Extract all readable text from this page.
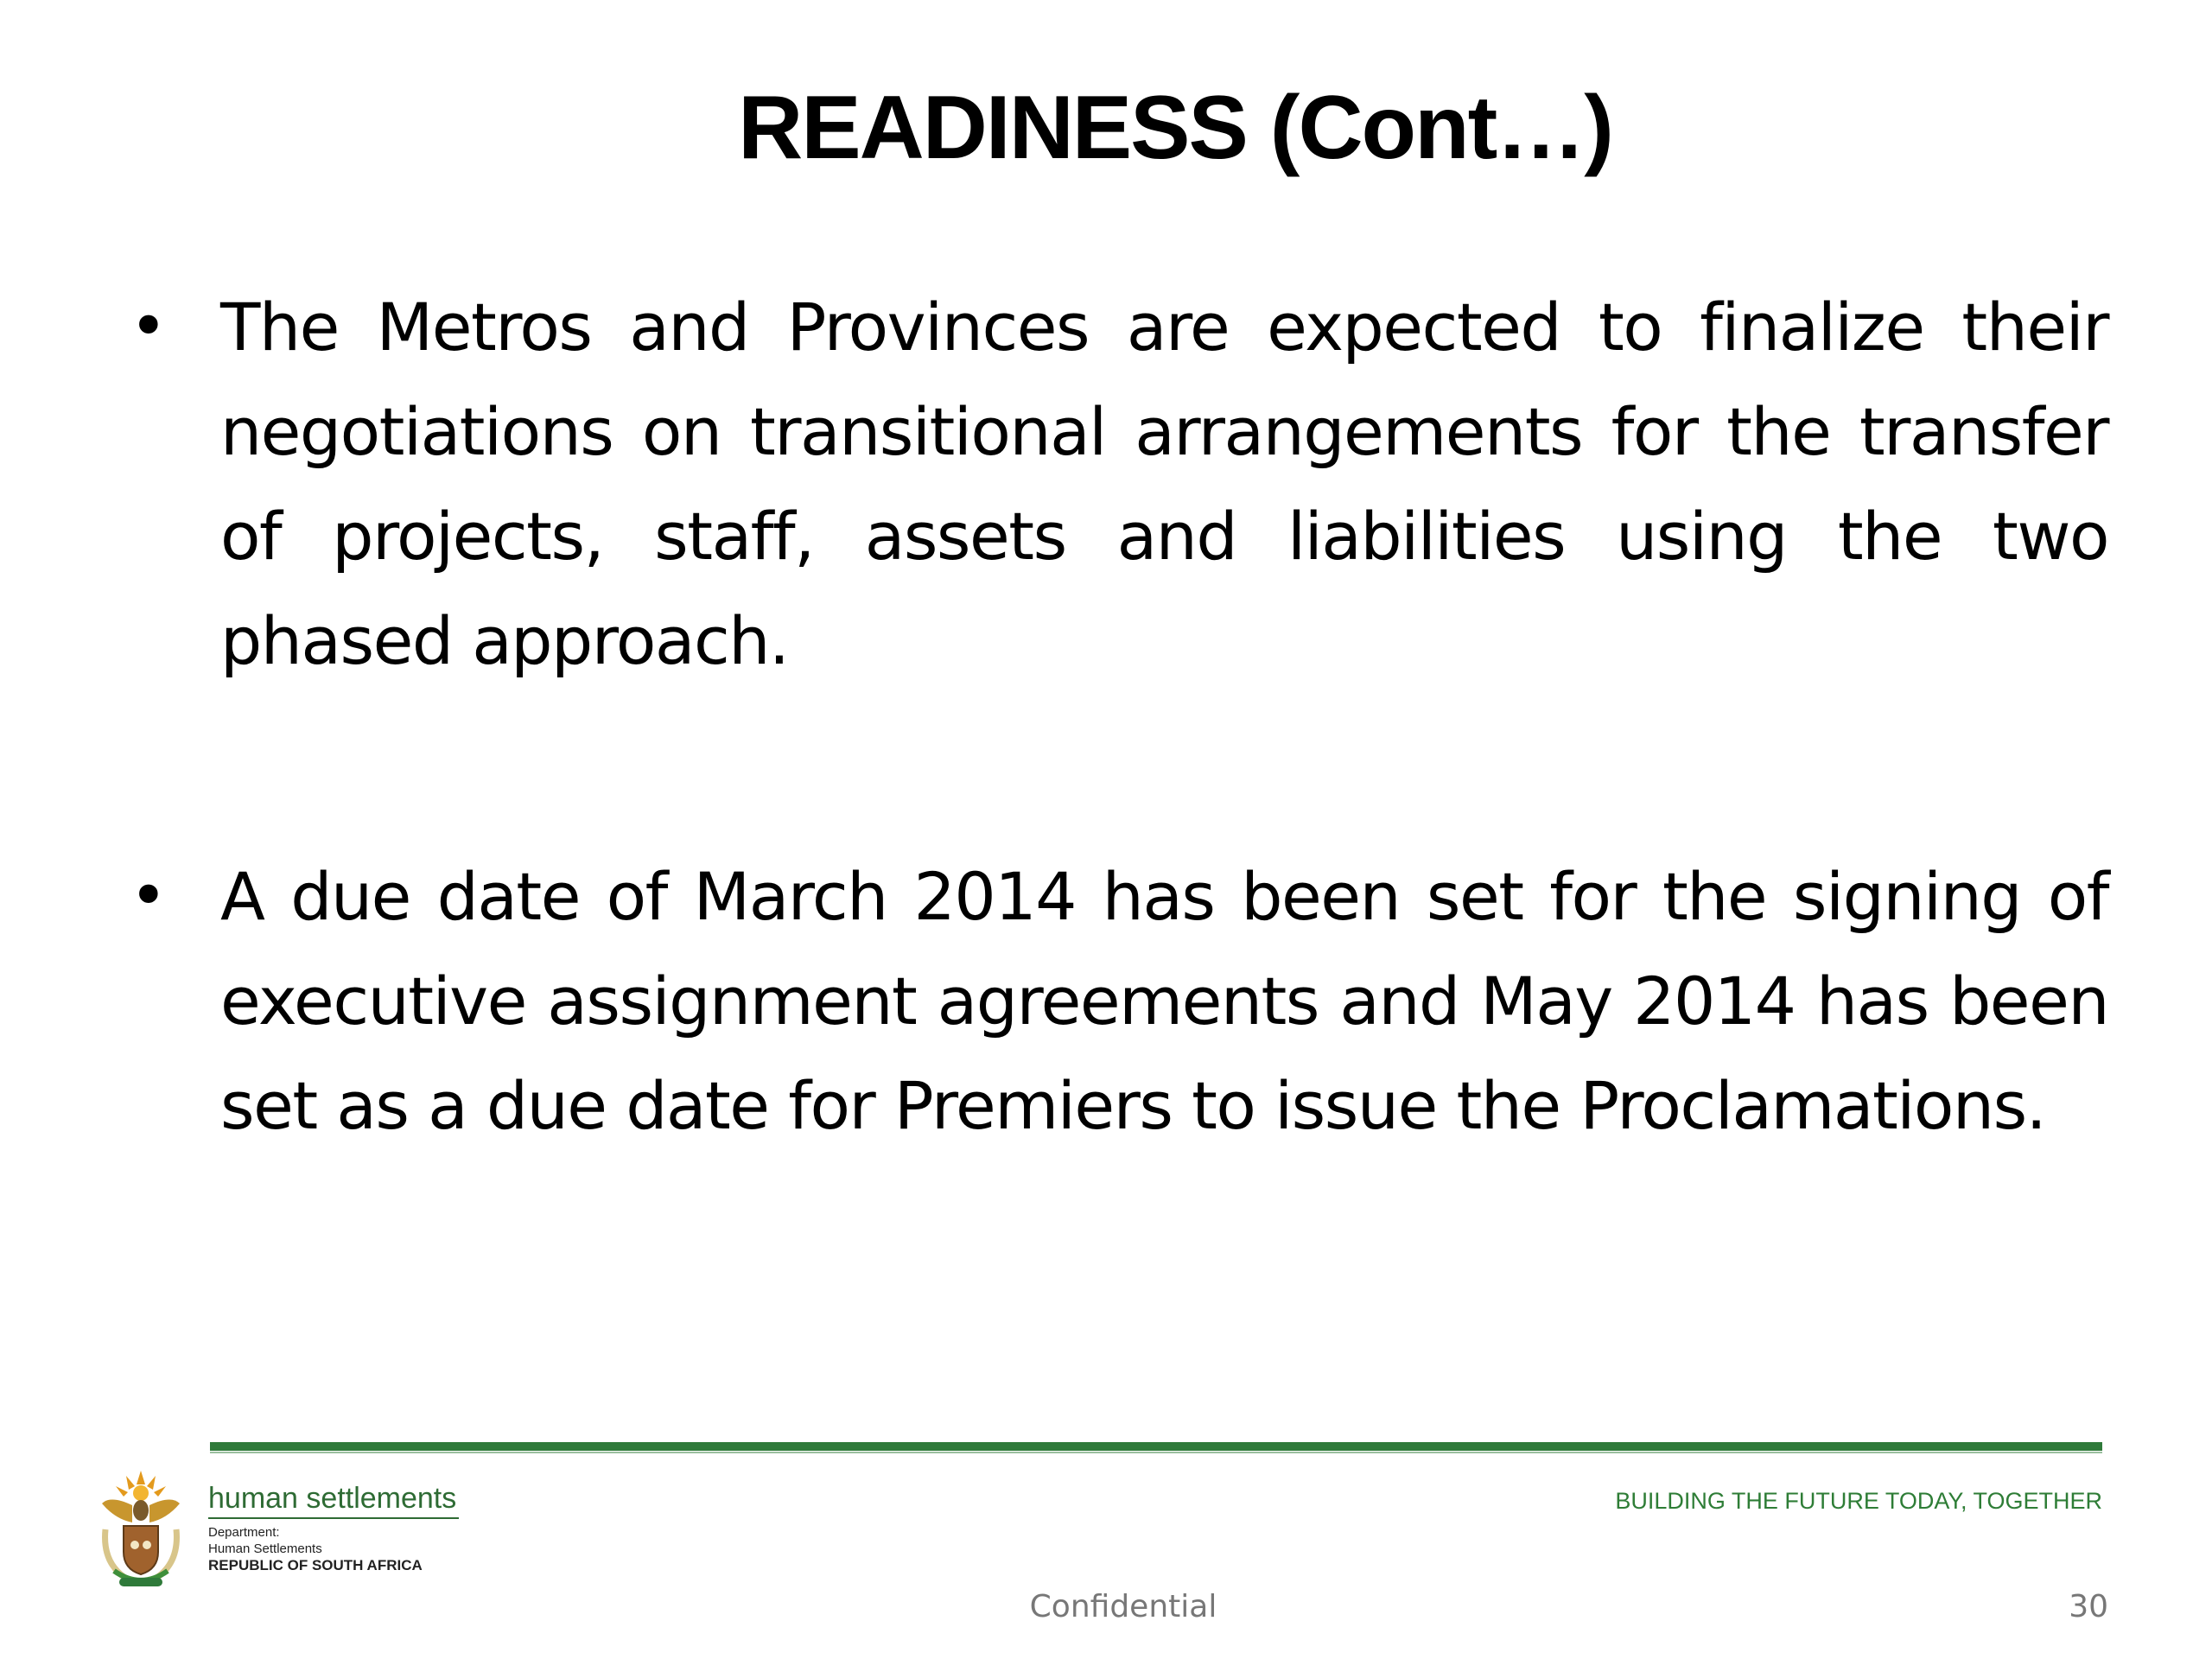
READINESS (Cont…)
• The Metros and Provinces are expected to finalize their negotiations on transitional arrangements for the transfer of projects, staff, assets and liabilities using the two phased approach.
• A due date of March 2014 has been set for the signing of executive assignment agreements and May 2014 has been set as a due date for Premiers to issue the Proclamations.
human settlements
Department:
Human Settlements
REPUBLIC OF SOUTH AFRICA
BUILDING THE FUTURE TODAY, TOGETHER
Confidential	30
